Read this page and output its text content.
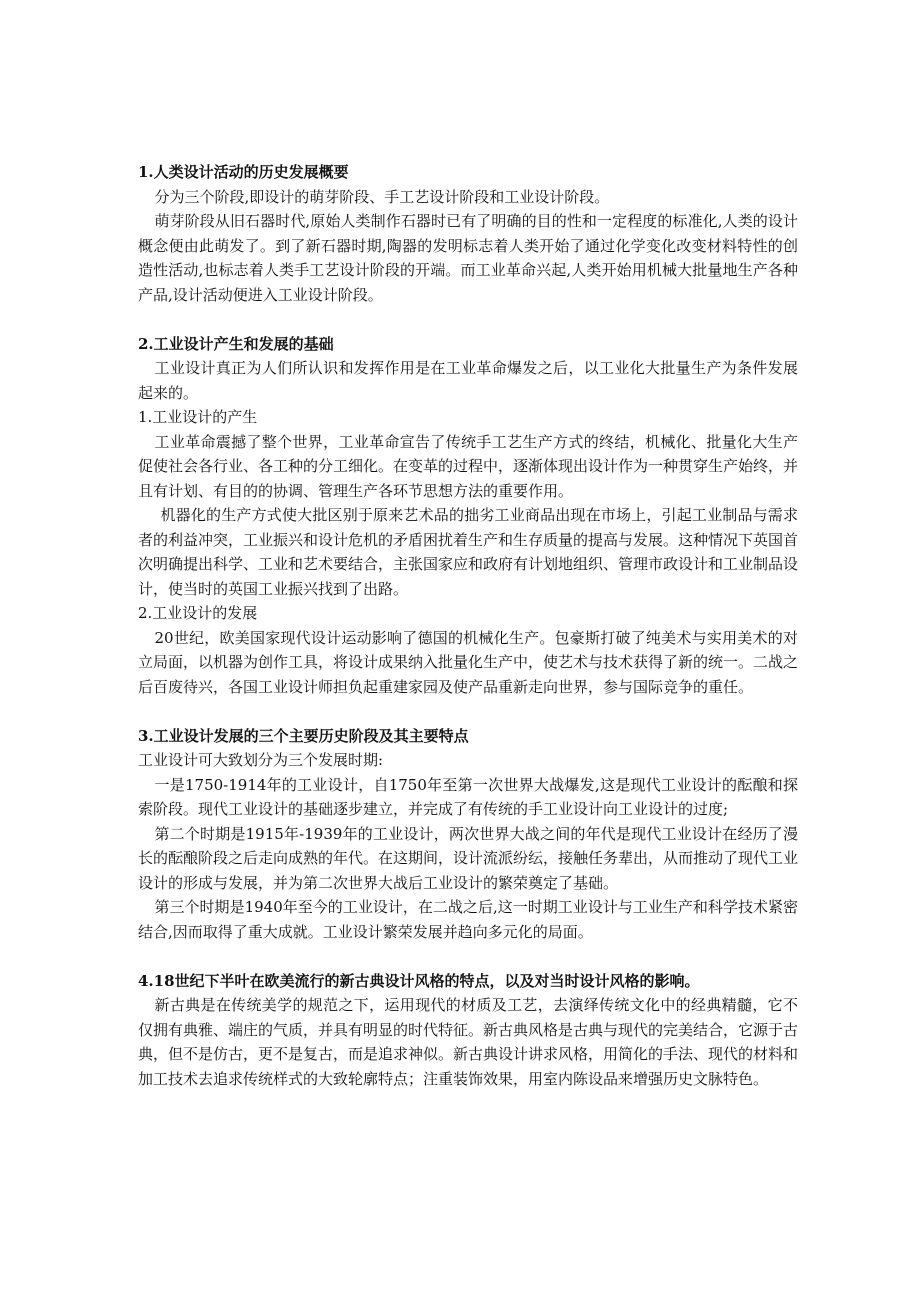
1.人类设计活动的历史发展概要

分为三个阶段,即设计的萌芽阶段、手工艺设计阶段和工业设计阶段。

萌芽阶段从旧石器时代,原始人类制作石器时已有了明确的目的性和一定程度的标准化,人类的设计概念便由此萌发了。到了新石器时期,陶器的发明标志着人类开始了通过化学变化改变材料特性的创造性活动,也标志着人类手工艺设计阶段的开端。而工业革命兴起,人类开始用机械大批量地生产各种产品,设计活动便进入工业设计阶段。

2.工业设计产生和发展的基础

工业设计真正为人们所认识和发挥作用是在工业革命爆发之后，以工业化大批量生产为条件发展起来的。

1.工业设计的产生

工业革命震撼了整个世界，工业革命宣告了传统手工艺生产方式的终结，机械化、批量化大生产促使社会各行业、各工种的分工细化。在变革的过程中，逐渐体现出设计作为一种贯穿生产始终，并且有计划、有目的的协调、管理生产各环节思想方法的重要作用。

机器化的生产方式使大批区别于原来艺术品的拙劣工业商品出现在市场上，引起工业制品与需求者的利益冲突，工业振兴和设计危机的矛盾困扰着生产和生存质量的提高与发展。这种情况下英国首次明确提出科学、工业和艺术要结合，主张国家应和政府有计划地组织、管理市政设计和工业制品设计，使当时的英国工业振兴找到了出路。

2.工业设计的发展

20世纪，欧美国家现代设计运动影响了德国的机械化生产。包豪斯打破了纯美术与实用美术的对立局面，以机器为创作工具，将设计成果纳入批量化生产中，使艺术与技术获得了新的统一。二战之后百废待兴，各国工业设计师担负起重建家园及使产品重新走向世界，参与国际竞争的重任。

3.工业设计发展的三个主要历史阶段及其主要特点

工业设计可大致划分为三个发展时期:

一是1750-1914年的工业设计，自1750年至第一次世界大战爆发,这是现代工业设计的酝酿和探索阶段。现代工业设计的基础逐步建立，并完成了有传统的手工业设计向工业设计的过度;

第二个时期是1915年-1939年的工业设计，两次世界大战之间的年代是现代工业设计在经历了漫长的酝酿阶段之后走向成熟的年代。在这期间，设计流派纷纭，接触任务辈出，从而推动了现代工业设计的形成与发展，并为第二次世界大战后工业设计的繁荣奠定了基础。

第三个时期是1940年至今的工业设计，在二战之后,这一时期工业设计与工业生产和科学技术紧密结合,因而取得了重大成就。工业设计繁荣发展并趋向多元化的局面。

4.18世纪下半叶在欧美流行的新古典设计风格的特点，以及对当时设计风格的影响。

新古典是在传统美学的规范之下，运用现代的材质及工艺，去演绎传统文化中的经典精髓，它不仅拥有典雅、端庄的气质，并具有明显的时代特征。新古典风格是古典与现代的完美结合，它源于古典，但不是仿古，更不是复古，而是追求神似。新古典设计讲求风格，用简化的手法、现代的材料和加工技术去追求传统样式的大致轮廓特点；注重装饰效果，用室内陈设品来增强历史文脉特色。
